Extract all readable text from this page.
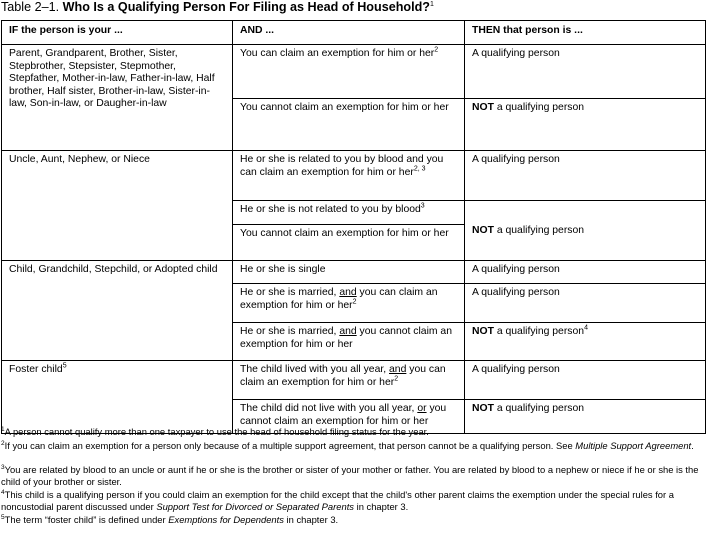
Table 2–1. Who Is a Qualifying Person For Filing as Head of Household?$^1$
IF the person is your ...	AND ...	THEN that person is ...
Parent, Grandparent, Brother, Sister, Stepbrother, Stepsister, Stepmother, Stepfather, Mother-in-law, Father-in-law, Half brother, Half sister, Brother-in-law, Sister-in-law, Son-in-law, or Daugher-in-law	You can claim an exemption for him or her$^2$	A qualifying person
	You cannot claim an exemption for him or her	NOT a qualifying person
Uncle, Aunt, Nephew, or Niece	He or she is related to you by blood and you can claim an exemption for him or her$^{2, 3}$	A qualifying person
	He or she is not related to you by blood$^3$	NOT a qualifying person
	You cannot claim an exemption for him or her	
Child, Grandchild, Stepchild, or Adopted child	He or she is single	A qualifying person
	He or she is married, and you can claim an exemption for him or her$^2$	A qualifying person
	He or she is married, and you cannot claim an exemption for him or her	NOT a qualifying person$^4$
Foster child$^5$	The child lived with you all year, and you can claim an exemption for him or her$^2$	A qualifying person
	The child did not live with you all year, or you cannot claim an exemption for him or her	NOT a qualifying person
$^1$A person cannot qualify more than one taxpayer to use the head of household filing status for the year.
$^2$If you can claim an exemption for a person only because of a multiple support agreement, that person cannot be a qualifying person. See Multiple Support Agreement.
$^3$You are related by blood to an uncle or aunt if he or she is the brother or sister of your mother or father. You are related by blood to a nephew or niece if he or she is the child of your brother or sister.
$^4$This child is a qualifying person if you could claim an exemption for the child except that the child's other parent claims the exemption under the special rules for a noncustodial parent discussed under Support Test for Divorced or Separated Parents in chapter 3.
$^5$The term “foster child” is defined under Exemptions for Dependents in chapter 3.
